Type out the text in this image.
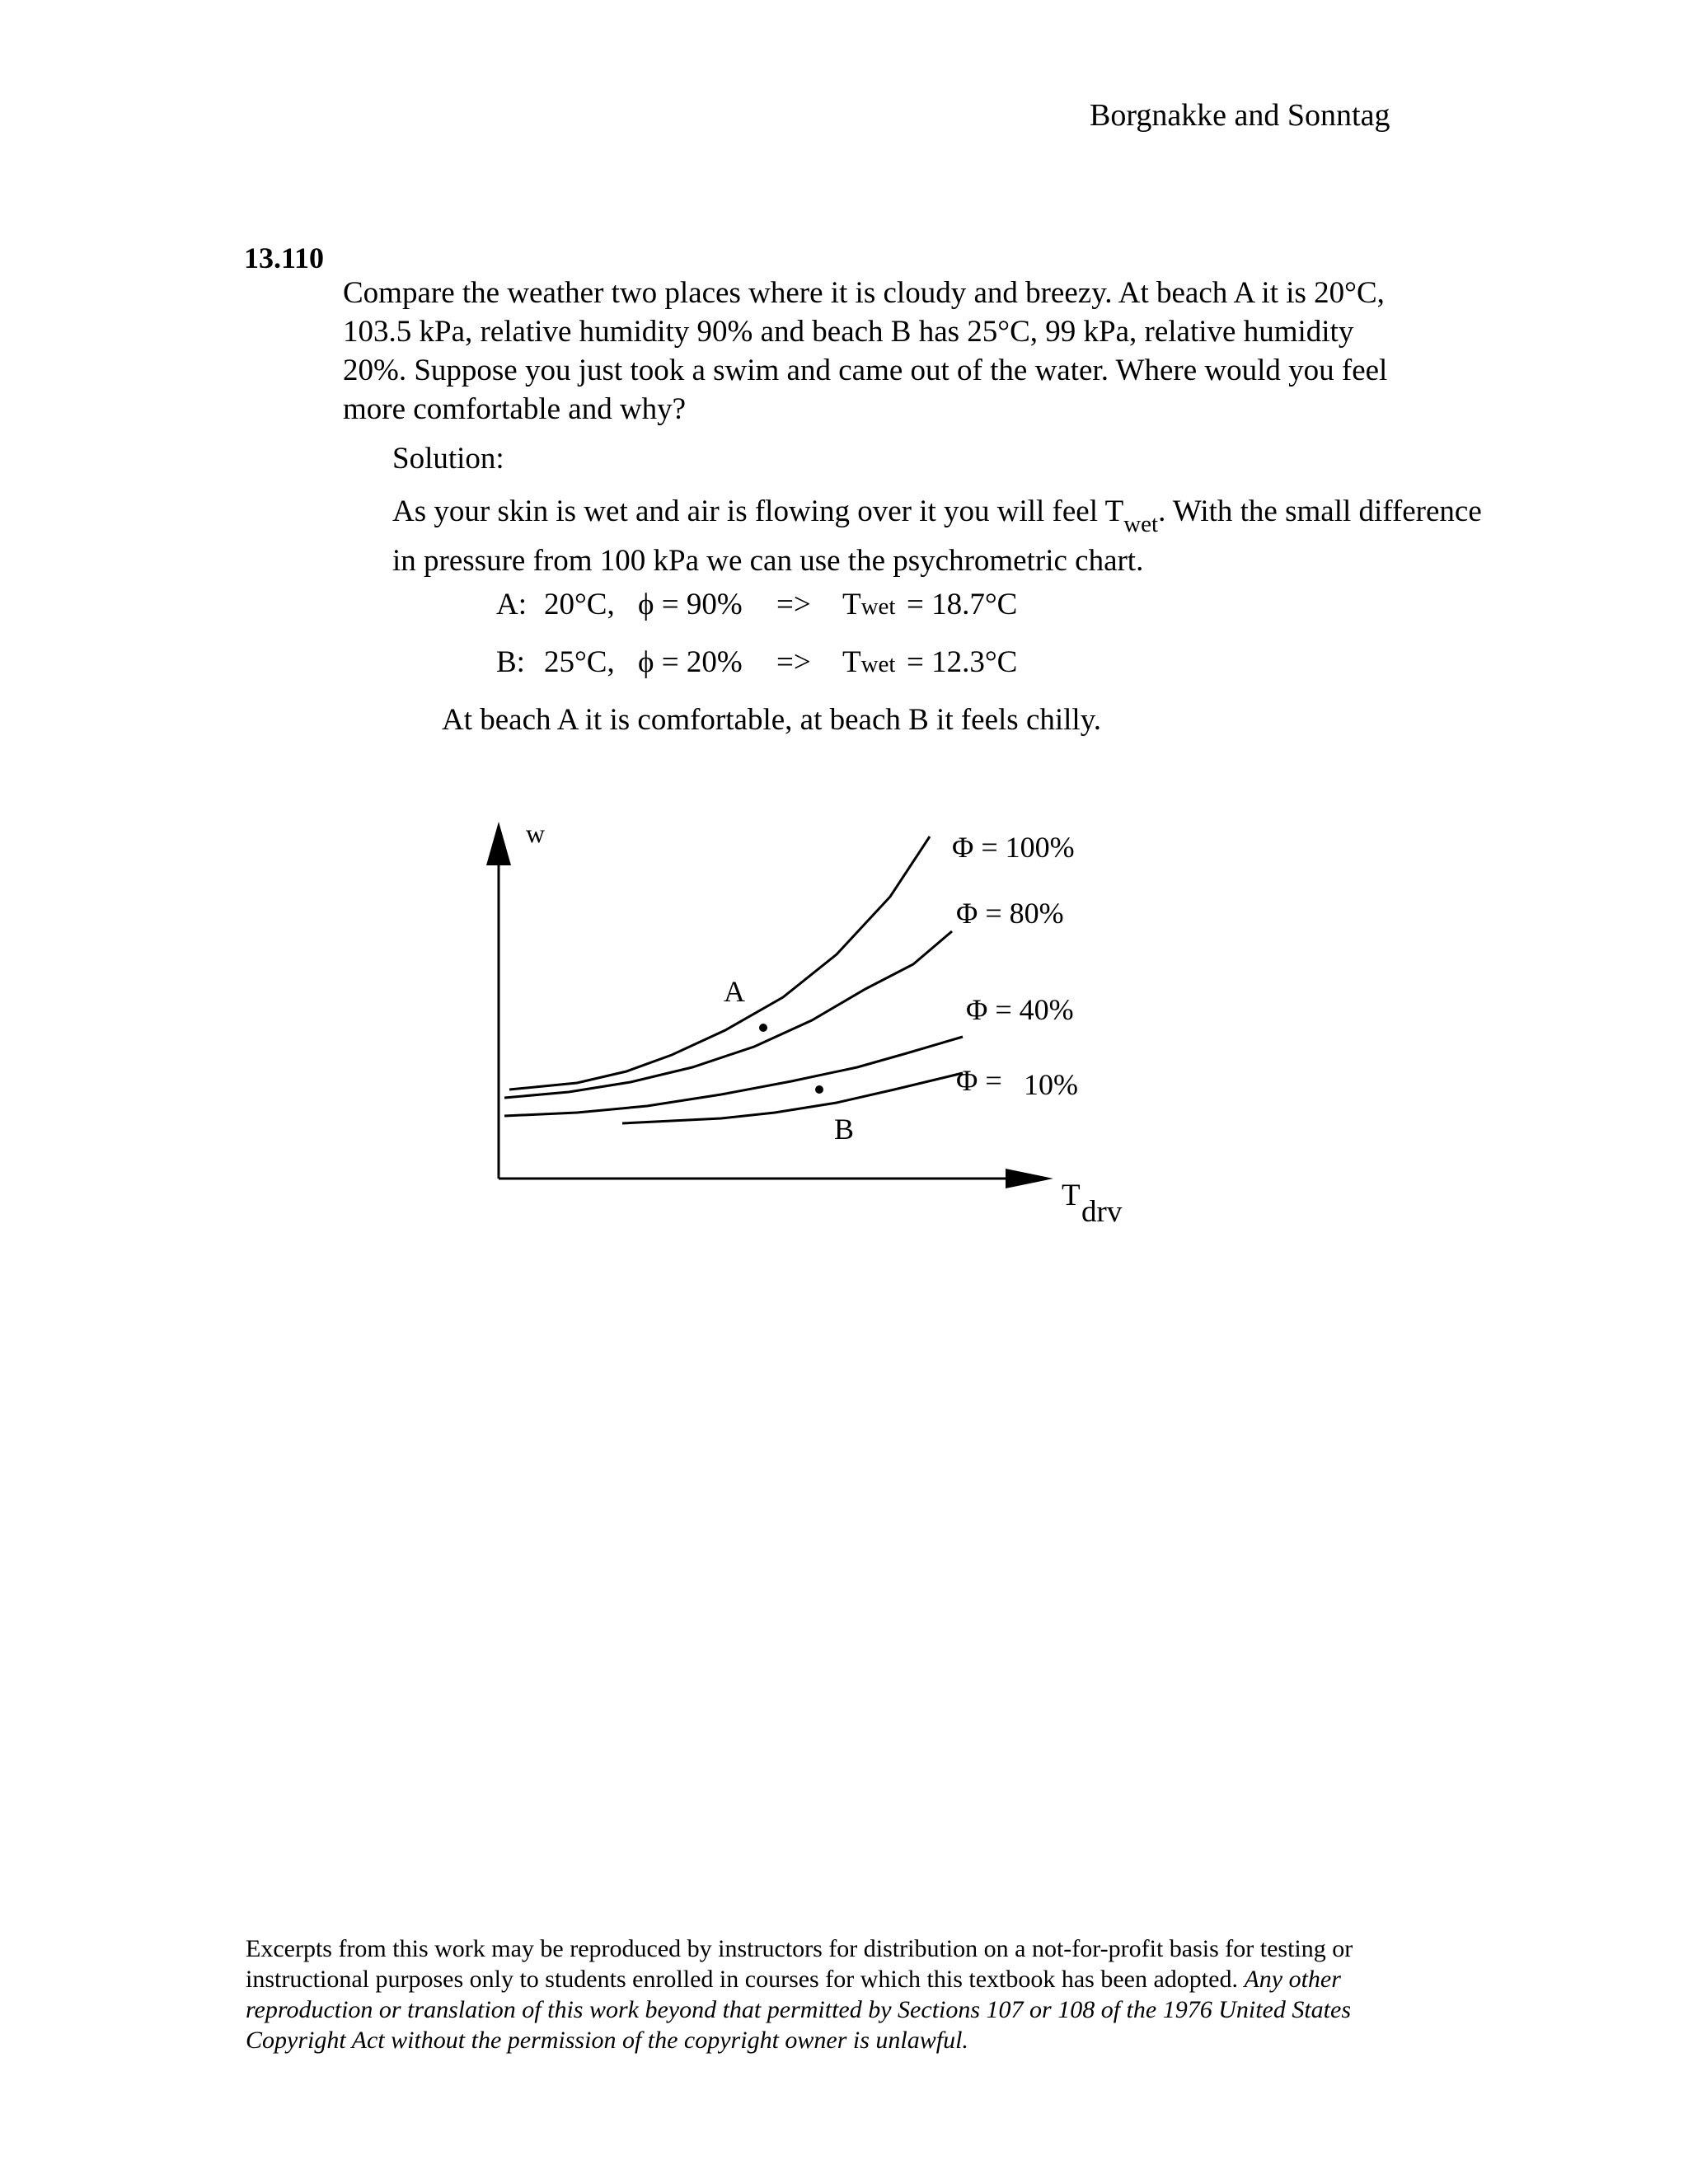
Borgnakke and Sonntag
13.110
Compare the weather two places where it is cloudy and breezy. At beach A it is 20°C, 103.5 kPa, relative humidity 90% and beach B has 25°C, 99 kPa, relative humidity 20%. Suppose you just took a swim and came out of the water. Where would you feel more comfortable and why?
Solution:
As your skin is wet and air is flowing over it you will feel $T_{wet}$. With the small difference in pressure from 100 kPa we can use the psychrometric chart.
A: 20°C, ϕ = 90% => Twet = 18.7°C
B: 25°C, ϕ = 20% => Twet = 12.3°C
At beach A it is comfortable, at beach B it feels chilly.
w	Φ = 100%
Φ = 80%
Φ = 40%
Φ = 10%
A
B
T drv
Excerpts from this work may be reproduced by instructors for distribution on a not-for-profit basis for testing or instructional purposes only to students enrolled in courses for which this textbook has been adopted. Any other reproduction or translation of this work beyond that permitted by Sections 107 or 108 of the 1976 United States Copyright Act without the permission of the copyright owner is unlawful.
